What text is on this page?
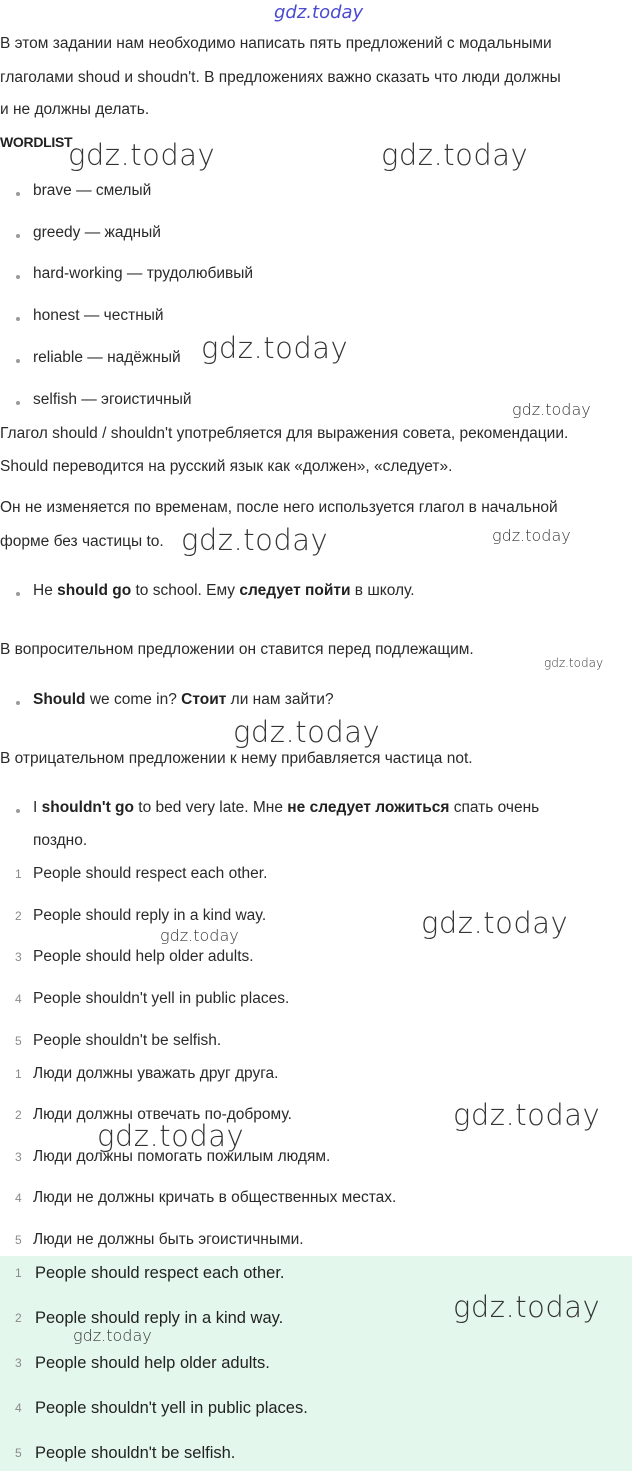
gdz.today
В этом задании нам необходимо написать пять предложений с модальными
глаголами shoud и shoudn't. В предложениях важно сказать что люди должны
и не должны делать.
WORDLIST
brave — смелый
greedy — жадный
hard-working — трудолюбивый
honest — честный
reliable — надёжный
selfish — эгоистичный
Глагол should / shouldn't употребляется для выражения совета, рекомендации.
Should переводится на русский язык как «должен», «следует».
Он не изменяется по временам, после него используется глагол в начальной
форме без частицы to.
He should go to school. Ему следует пойти в школу.
В вопросительном предложении он ставится перед подлежащим.
Should we come in? Стоит ли нам зайти?
В отрицательном предложении к нему прибавляется частица not.
I shouldn't go to bed very late. Мне не следует ложиться спать очень
поздно.
1 People should respect each other.
2 People should reply in a kind way.
3 People should help older adults.
4 People shouldn't yell in public places.
5 People shouldn't be selfish.
1 Люди должны уважать друг друга.
2 Люди должны отвечать по-доброму.
3 Люди должны помогать пожилым людям.
4 Люди не должны кричать в общественных местах.
5 Люди не должны быть эгоистичными.
1 People should respect each other.
2 People should reply in a kind way.
3 People should help older adults.
4 People shouldn't yell in public places.
5 People shouldn't be selfish.
gdz.today	gdz.today
gdz.today
gdz.today
gdz.today	gdz.today
gdz.today
gdz.today
gdz.today
gdz.today
gdz.today
gdz.today
gdz.today
gdz.today
